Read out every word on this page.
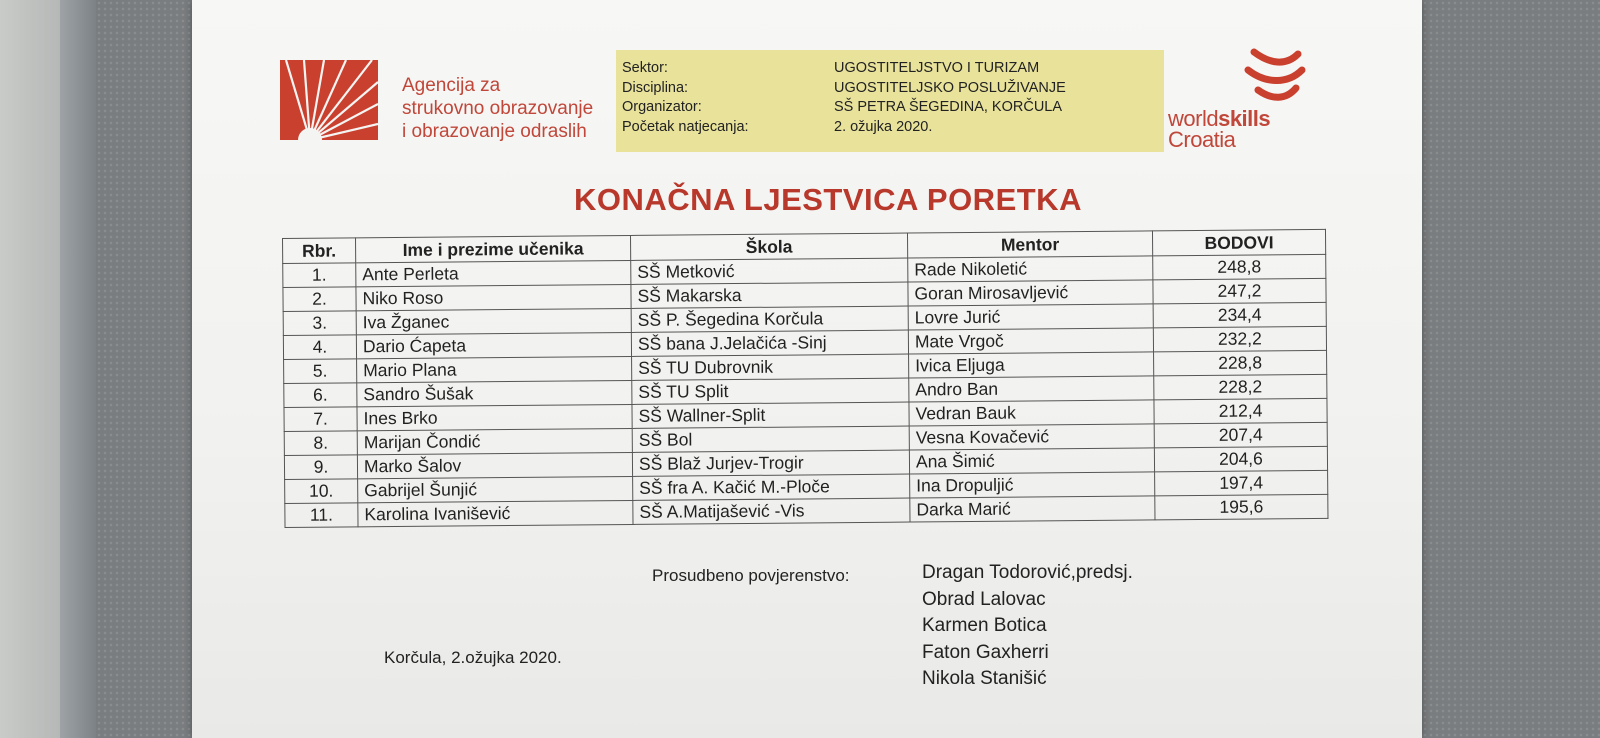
Agencija za
strukovno obrazovanje
i obrazovanje odraslih
Sektor:	UGOSTITELJSTVO I TURIZAM
Disciplina:	UGOSTITELJSKO POSLUŽIVANJE
Organizator:	SŠ PETRA ŠEGEDINA, KORČULA
Početak natjecanja:	2. ožujka 2020.	worldskills
Croatia
KONAČNA LJESTVICA PORETKA
Rbr.	Ime i prezime učenika	Škola	Mentor	BODOVI
1.	Ante Perleta	SŠ Metković	Rade Nikoletić	248,8
2.	Niko Roso	SŠ Makarska	Goran Mirosavljević	247,2
3.	Iva Žganec	SŠ P. Šegedina Korčula	Lovre Jurić	234,4
4.	Dario Ćapeta	SŠ bana J.Jelačića -Sinj	Mate Vrgoč	232,2
5.	Mario Plana	SŠ TU Dubrovnik	Ivica Eljuga	228,8
6.	Sandro Šušak	SŠ TU Split	Andro Ban	228,2
7.	Ines Brko	SŠ Wallner-Split	Vedran Bauk	212,4
8.	Marijan Čondić	SŠ Bol	Vesna Kovačević	207,4
9.	Marko Šalov	SŠ Blaž Jurjev-Trogir	Ana Šimić	204,6
10.	Gabrijel Šunjić	SŠ fra A. Kačić M.-Ploče	Ina Dropuljić	197,4
11.	Karolina Ivanišević	SŠ A.Matijašević -Vis	Darka Marić	195,6
Prosudbeno povjerenstvo:	Dragan Todorović,predsj.
Obrad Lalovac
Karmen Botica
Faton Gaxherri
Nikola Stanišić
Korčula, 2.ožujka 2020.
